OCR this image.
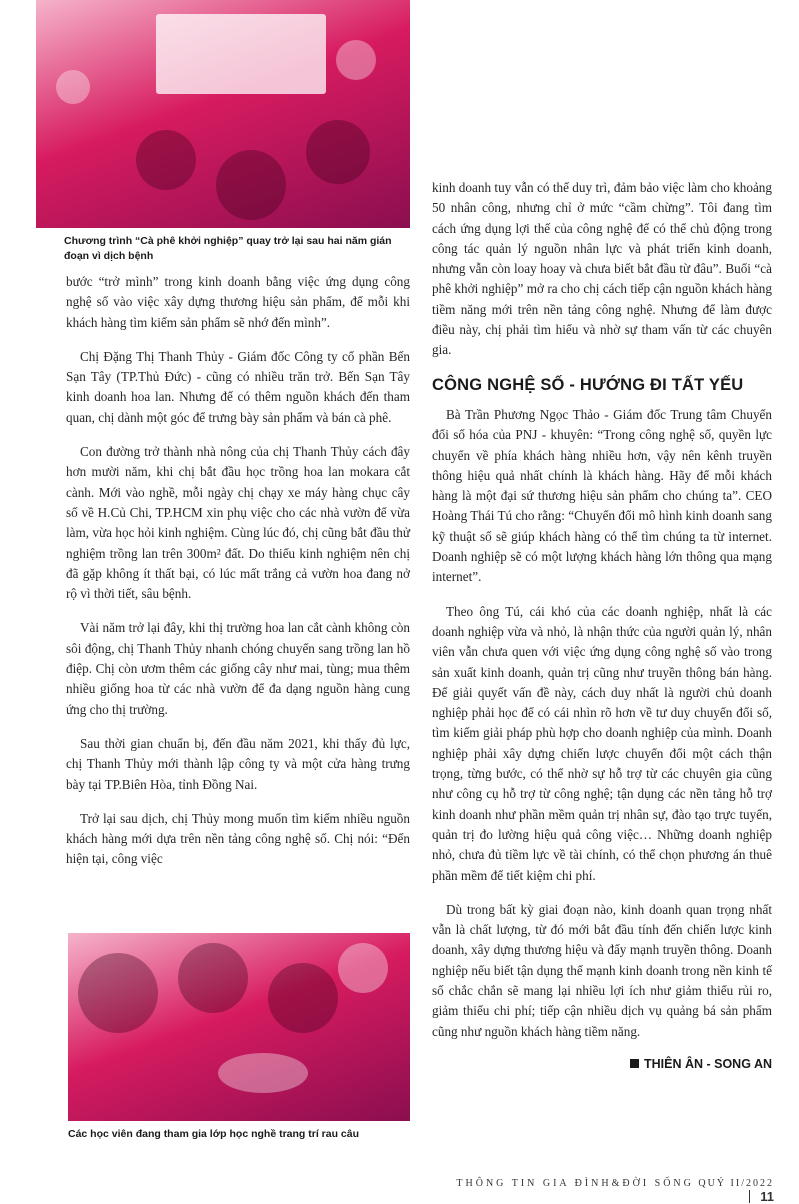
Chương trình “Cà phê khởi nghiệp” quay trở lại sau hai năm gián đoạn vì dịch bệnh

bước “trở mình” trong kinh doanh bằng việc ứng dụng công nghệ số vào việc xây dựng thương hiệu sản phẩm, để mỗi khi khách hàng tìm kiếm sản phẩm sẽ nhớ đến mình”.

Chị Đặng Thị Thanh Thủy - Giám đốc Công ty cổ phần Bến Sạn Tây (TP.Thủ Đức) - cũng có nhiều trăn trở. Bến Sạn Tây kinh doanh hoa lan. Nhưng để có thêm nguồn khách đến tham quan, chị dành một góc để trưng bày sản phẩm và bán cà phê.

Con đường trở thành nhà nông của chị Thanh Thủy cách đây hơn mười năm, khi chị bắt đầu học trồng hoa lan mokara cắt cành. Mới vào nghề, mỗi ngày chị chạy xe máy hàng chục cây số về H.Củ Chi, TP.HCM xin phụ việc cho các nhà vườn để vừa làm, vừa học hỏi kinh nghiệm. Cùng lúc đó, chị cũng bắt đầu thử nghiệm trồng lan trên 300m² đất. Do thiếu kinh nghiệm nên chị đã gặp không ít thất bại, có lúc mất trắng cả vườn hoa đang nở rộ vì thời tiết, sâu bệnh.

Vài năm trở lại đây, khi thị trường hoa lan cắt cành không còn sôi động, chị Thanh Thủy nhanh chóng chuyển sang trồng lan hồ điệp. Chị còn ươm thêm các giống cây như mai, tùng; mua thêm nhiều giống hoa từ các nhà vườn để đa dạng nguồn hàng cung ứng cho thị trường.

Sau thời gian chuẩn bị, đến đầu năm 2021, khi thấy đủ lực, chị Thanh Thủy mới thành lập công ty và một cửa hàng trưng bày tại TP.Biên Hòa, tỉnh Đồng Nai.

Trở lại sau dịch, chị Thủy mong muốn tìm kiếm nhiều nguồn khách hàng mới dựa trên nền tảng công nghệ số. Chị nói: “Đến hiện tại, công việc

Các học viên đang tham gia lớp học nghề trang trí rau câu

kinh doanh tuy vẫn có thể duy trì, đảm bảo việc làm cho khoảng 50 nhân công, nhưng chỉ ở mức “cầm chừng”. Tôi đang tìm cách ứng dụng lợi thế của công nghệ để có thể chủ động trong công tác quản lý nguồn nhân lực và phát triển kinh doanh, nhưng vẫn còn loay hoay và chưa biết bắt đầu từ đâu”. Buổi “cà phê khởi nghiệp” mở ra cho chị cách tiếp cận nguồn khách hàng tiềm năng mới trên nền tảng công nghệ. Nhưng để làm được điều này, chị phải tìm hiểu và nhờ sự tham vấn từ các chuyên gia.

CÔNG NGHỆ SỐ - HƯỚNG ĐI TẤT YẾU

Bà Trần Phương Ngọc Thảo - Giám đốc Trung tâm Chuyển đổi số hóa của PNJ - khuyên: “Trong công nghệ số, quyền lực chuyển về phía khách hàng nhiều hơn, vậy nên kênh truyền thông hiệu quả nhất chính là khách hàng. Hãy để mỗi khách hàng là một đại sứ thương hiệu sản phẩm cho chúng ta”. CEO Hoàng Thái Tú cho rằng: “Chuyển đổi mô hình kinh doanh sang kỹ thuật số sẽ giúp khách hàng có thể tìm chúng ta từ internet. Doanh nghiệp sẽ có một lượng khách hàng lớn thông qua mạng internet”.

Theo ông Tú, cái khó của các doanh nghiệp, nhất là các doanh nghiệp vừa và nhỏ, là nhận thức của người quản lý, nhân viên vẫn chưa quen với việc ứng dụng công nghệ số vào trong sản xuất kinh doanh, quản trị cũng như truyền thông bán hàng. Để giải quyết vấn đề này, cách duy nhất là người chủ doanh nghiệp phải học để có cái nhìn rõ hơn về tư duy chuyển đổi số, tìm kiếm giải pháp phù hợp cho doanh nghiệp của mình. Doanh nghiệp phải xây dựng chiến lược chuyển đổi một cách thận trọng, từng bước, có thể nhờ sự hỗ trợ từ các chuyên gia cũng như công cụ hỗ trợ từ công nghệ; tận dụng các nền tảng hỗ trợ kinh doanh như phần mềm quản trị nhân sự, đào tạo trực tuyến, quản trị đo lường hiệu quả công việc… Những doanh nghiệp nhỏ, chưa đủ tiềm lực về tài chính, có thể chọn phương án thuê phần mềm để tiết kiệm chi phí.

Dù trong bất kỳ giai đoạn nào, kinh doanh quan trọng nhất vẫn là chất lượng, từ đó mới bắt đầu tính đến chiến lược kinh doanh, xây dựng thương hiệu và đẩy mạnh truyền thông. Doanh nghiệp nếu biết tận dụng thế mạnh kinh doanh trong nền kinh tế số chắc chắn sẽ mang lại nhiều lợi ích như giảm thiểu rủi ro, giảm thiểu chi phí; tiếp cận nhiều dịch vụ quảng bá sản phẩm cũng như nguồn khách hàng tiềm năng.

THIÊN ÂN - SONG AN
THÔNG TIN GIA ĐÌNH&ĐỜI SỐNG QUÝ II/2022  11
